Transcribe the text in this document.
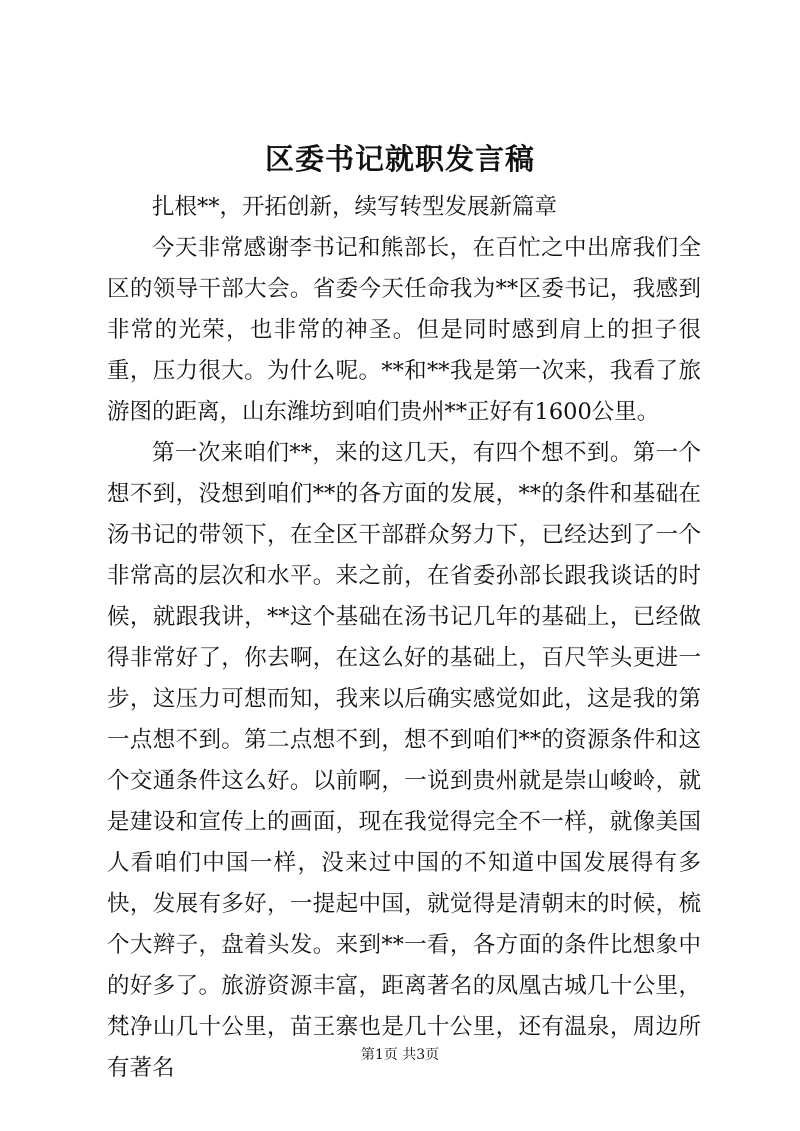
区委书记就职发言稿

扎根**，开拓创新，续写转型发展新篇章

今天非常感谢李书记和熊部长，在百忙之中出席我们全区的领导干部大会。省委今天任命我为**区委书记，我感到非常的光荣，也非常的神圣。但是同时感到肩上的担子很重，压力很大。为什么呢。**和**我是第一次来，我看了旅游图的距离，山东潍坊到咱们贵州**正好有1600公里。

第一次来咱们**，来的这几天，有四个想不到。第一个想不到，没想到咱们**的各方面的发展，**的条件和基础在汤书记的带领下，在全区干部群众努力下，已经达到了一个非常高的层次和水平。来之前，在省委孙部长跟我谈话的时候，就跟我讲，**这个基础在汤书记几年的基础上，已经做得非常好了，你去啊，在这么好的基础上，百尺竿头更进一步，这压力可想而知，我来以后确实感觉如此，这是我的第一点想不到。第二点想不到，想不到咱们**的资源条件和这个交通条件这么好。以前啊，一说到贵州就是崇山峻岭，就是建设和宣传上的画面，现在我觉得完全不一样，就像美国人看咱们中国一样，没来过中国的不知道中国发展得有多快，发展有多好，一提起中国，就觉得是清朝末的时候，梳个大辫子，盘着头发。来到**一看，各方面的条件比想象中的好多了。旅游资源丰富，距离著名的凤凰古城几十公里，梵净山几十公里，苗王寨也是几十公里，还有温泉，周边所有著名	第1页 共3页
